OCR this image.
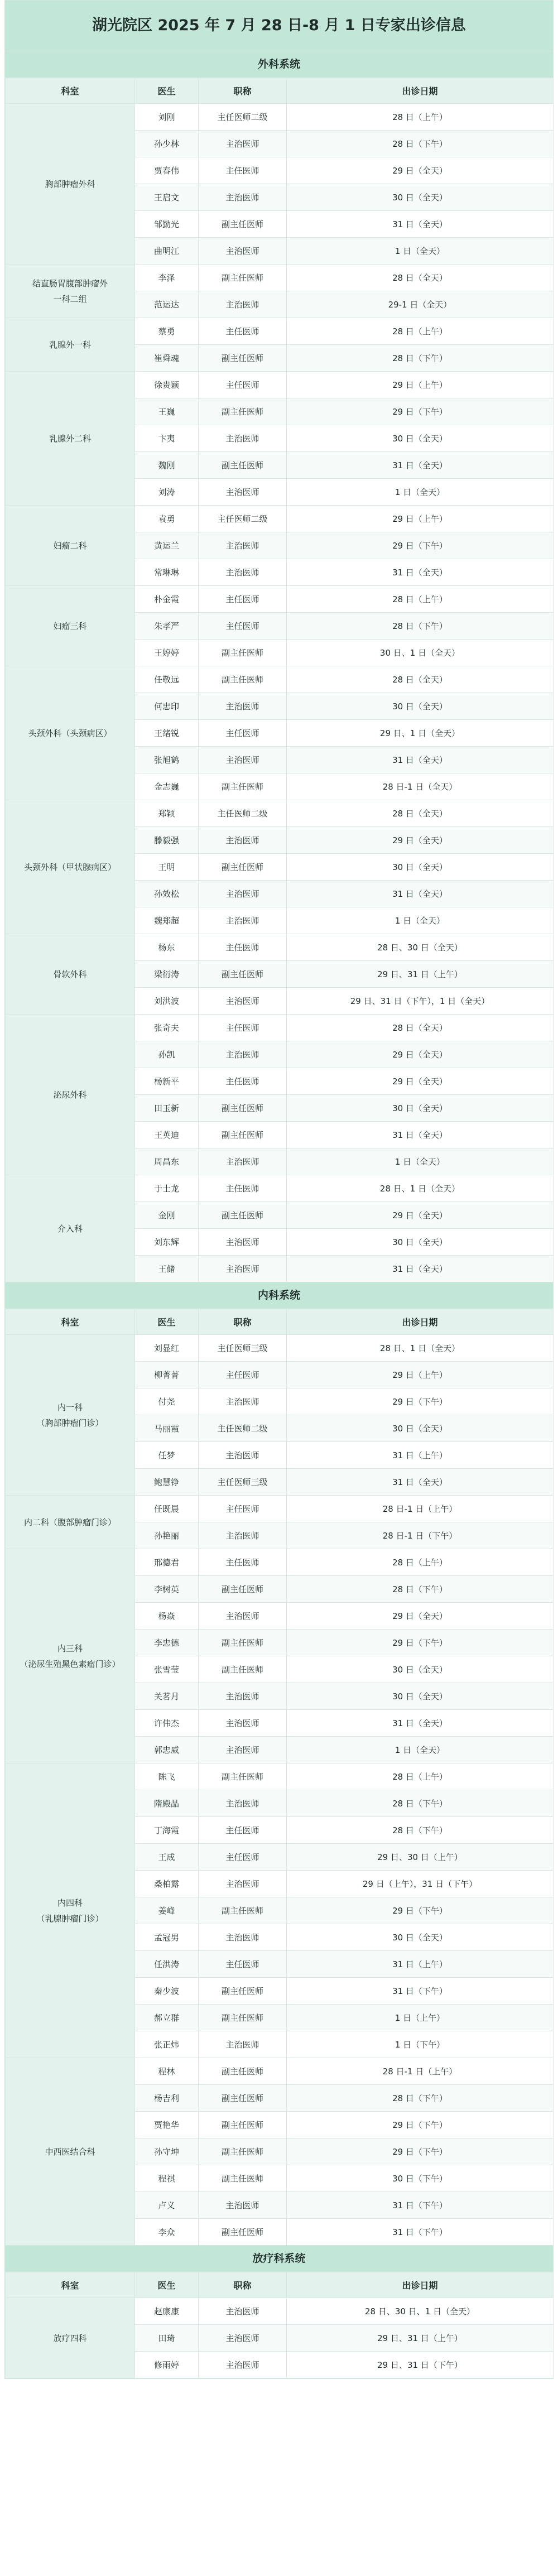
湖光院区 2025 年 7 月 28 日-8 月 1 日专家出诊信息
外科系统
科室	医生	职称	出诊日期

胸部肿瘤外科	刘刚	主任医师二级	28 日（上午）
	孙少林	主治医师	28 日（下午）
	贾春伟	主任医师	29 日（全天）
	王启文	主治医师	30 日（全天）
	邹勤光	副主任医师	31 日（全天）
	曲明江	主治医师	1 日（全天）

结直肠胃腹部肿瘤外
一科二组	李泽	副主任医师	28 日（全天）
	范运达	主治医师	29-1 日（全天）

乳腺外一科	蔡勇	主任医师	28 日（上午）
	崔舜魂	副主任医师	28 日（下午）

乳腺外二科	徐贵颖	主任医师	29 日（上午）
	王巍	副主任医师	29 日（下午）
	卞夷	主治医师	30 日（全天）
	魏刚	副主任医师	31 日（全天）
	刘涛	主治医师	1 日（全天）

妇瘤二科	袁勇	主任医师二级	29 日（上午）
	黄运兰	主治医师	29 日（下午）
	常琳琳	主治医师	31 日（全天）

妇瘤三科	朴金霞	主任医师	28 日（上午）
	朱孝严	主任医师	28 日（下午）
	王婷婷	副主任医师	30 日、1 日（全天）

头颈外科（头颈病区）	任敬远	副主任医师	28 日（全天）
	何忠印	主治医师	30 日（全天）
	王绪锐	主任医师	29 日、1 日（全天）
	张旭鹤	主治医师	31 日（全天）
	金志巍	副主任医师	28 日-1 日（全天）

头颈外科（甲状腺病区）	郑颖	主任医师二级	28 日（全天）
	滕毅强	主治医师	29 日（全天）
	王明	副主任医师	30 日（全天）
	孙效松	主治医师	31 日（全天）
	魏郑超	主治医师	1 日（全天）

骨软外科	杨东	主任医师	28 日、30 日（全天）
	梁衍涛	副主任医师	29 日、31 日（上午）
	刘洪波	主治医师	29 日、31 日（下午），1 日（全天）

泌尿外科	张奇夫	主任医师	28 日（全天）
	孙凯	主治医师	29 日（全天）
	杨新平	主任医师	29 日（全天）
	田玉新	副主任医师	30 日（全天）
	王英迪	副主任医师	31 日（全天）
	周昌东	主治医师	1 日（全天）

介入科	于士龙	主任医师	28 日、1 日（全天）
	金刚	副主任医师	29 日（全天）
	刘东辉	主治医师	30 日（全天）
	王储	主治医师	31 日（全天）
内科系统
科室	医生	职称	出诊日期

内一科
（胸部肿瘤门诊）	刘显红	主任医师三级	28 日、1 日（全天）
	柳菁菁	主任医师	29 日（上午）
	付尧	主治医师	29 日（下午）
	马丽霞	主任医师二级	30 日（全天）
	任梦	主治医师	31 日（上午）
	鲍慧铮	主任医师三级	31 日（全天）

内二科（腹部肿瘤门诊）	任既晨	主任医师	28 日-1 日（上午）
	孙艳丽	主治医师	28 日-1 日（下午）

内三科
（泌尿生殖黑色素瘤门诊）	邢德君	主任医师	28 日（上午）
	李树英	副主任医师	28 日（下午）
	杨焱	主治医师	29 日（全天）
	李忠德	副主任医师	29 日（下午）
	张雪莹	副主任医师	30 日（全天）
	关茗月	主治医师	30 日（全天）
	许伟杰	主治医师	31 日（全天）
	郭忠威	主治医师	1 日（全天）

内四科
（乳腺肿瘤门诊）	陈飞	副主任医师	28 日（上午）
	隋殿晶	主治医师	28 日（下午）
	丁海霞	主任医师	28 日（下午）
	王成	主任医师	29 日、30 日（上午）
	桑柏露	主治医师	29 日（上午），31 日（下午）
	姜峰	副主任医师	29 日（下午）
	孟冠男	主治医师	30 日（全天）
	任洪涛	主任医师	31 日（上午）
	秦少波	副主任医师	31 日（下午）
	郝立群	副主任医师	1 日（上午）
	张正炜	主治医师	1 日（下午）

中西医结合科	程林	副主任医师	28 日-1 日（上午）
	杨吉利	副主任医师	28 日（下午）
	贾艳华	副主任医师	29 日（下午）
	孙守坤	副主任医师	29 日（下午）
	程祺	副主任医师	30 日（下午）
	卢义	主治医师	31 日（下午）
	李众	副主任医师	31 日（下午）
放疗科系统
科室	医生	职称	出诊日期

放疗四科	赵康康	主治医师	28 日、30 日、1 日（全天）
	田琦	主治医师	29 日、31 日（上午）
	修雨婷	主治医师	29 日、31 日（下午）
